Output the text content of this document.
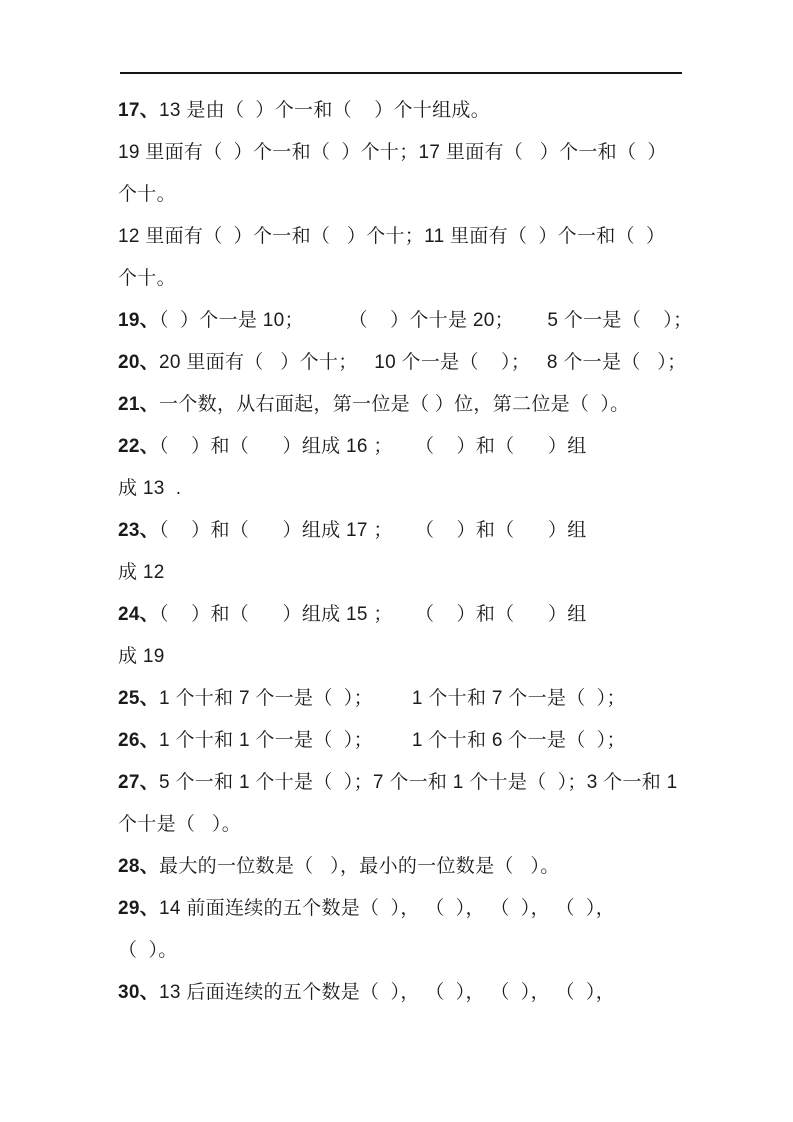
17、13 是由（  ）个一和（    ）个十组成。
19 里面有（  ）个一和（  ）个十；17 里面有（   ）个一和（  ）
个十。
12 里面有（  ）个一和（   ）个十；11 里面有（  ）个一和（  ）
个十。
19、（  ）个一是 10；        （    ）个十是 20；      5 个一是（    ）；
20、20 里面有（   ）个十；   10 个一是（    ）；   8 个一是（   ）；
21、一个数，从右面起，第一位是（ ）位，第二位是（  ）。
22、（    ）和（      ）组成 16 ；    （    ）和（      ）组
成 13  .
23、（    ）和（      ）组成 17 ；    （    ）和（      ）组
成 12
24、（    ）和（      ）组成 15 ；    （    ）和（      ）组
成 19
25、1 个十和 7 个一是（  ）；       1 个十和 7 个一是（  ）；
26、1 个十和 1 个一是（  ）；       1 个十和 6 个一是（  ）；
27、5 个一和 1 个十是（  ）；7 个一和 1 个十是（  ）；3 个一和 1
个十是（   ）。
28、最大的一位数是（   ），最小的一位数是（   ）。
29、14 前面连续的五个数是（  ）， （  ）， （  ）， （  ），
（  ）。
30、13 后面连续的五个数是（  ）， （  ）， （  ）， （  ），
